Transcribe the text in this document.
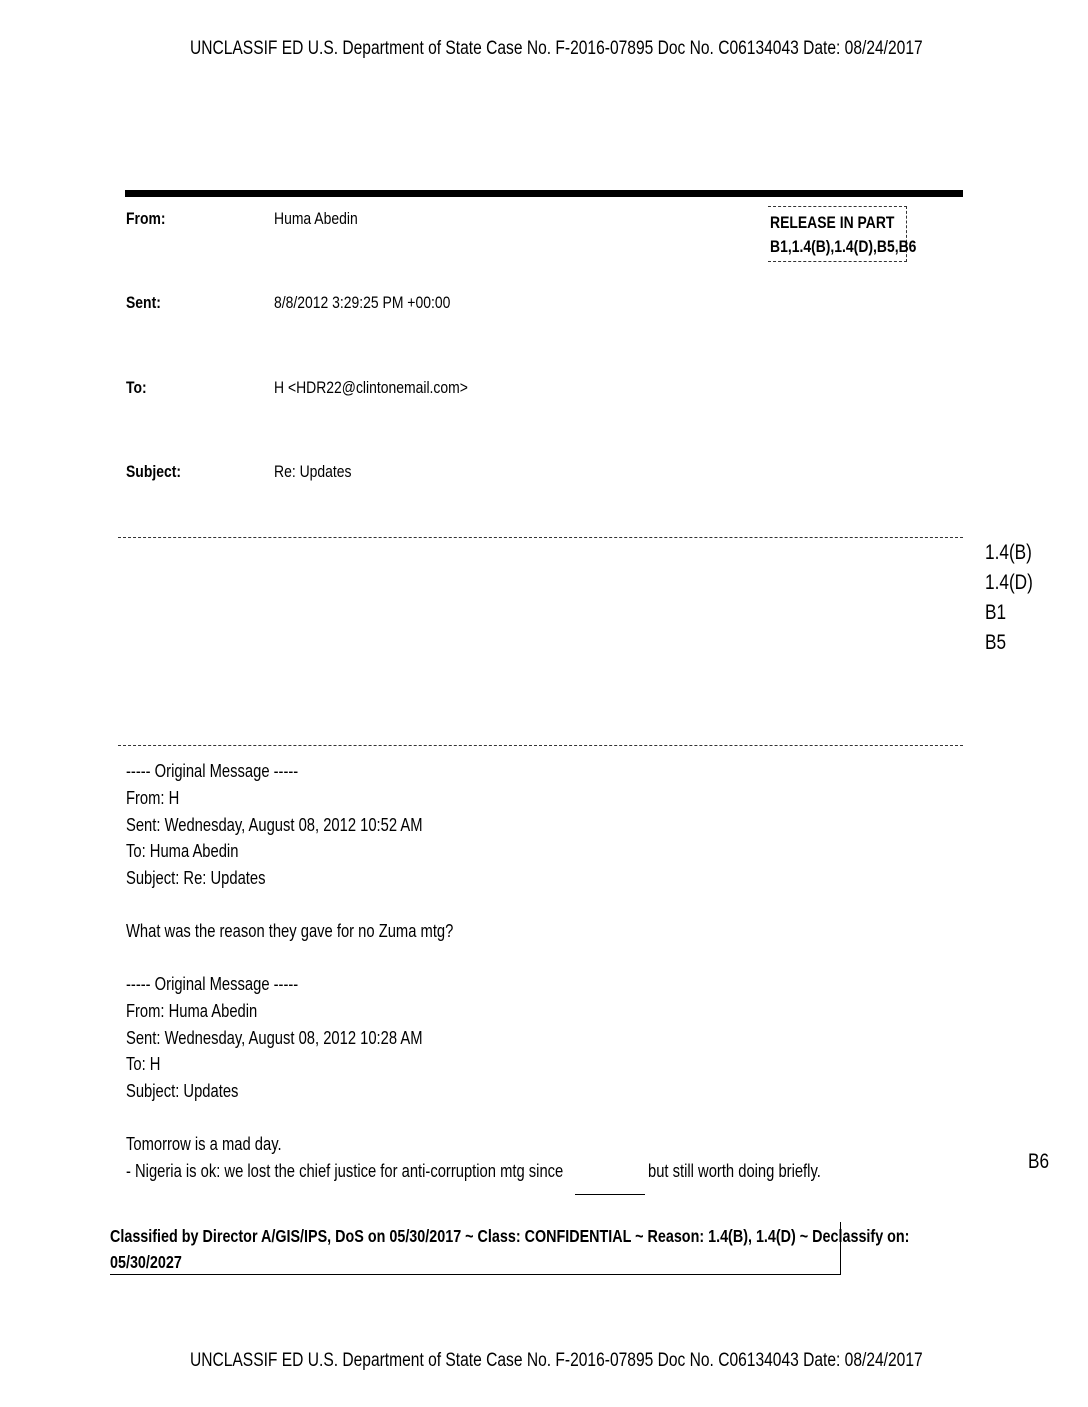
UNCLASSIF ED U.S. Department of State Case No. F-2016-07895 Doc No. C06134043 Date: 08/24/2017
RELEASE IN PART
B1,1.4(B),1.4(D),B5,B6
From:	Huma Abedin
Sent:	8/8/2012 3:29:25 PM +00:00
To:	H <HDR22@clintonemail.com>
Subject:	Re: Updates
1.4(B)
1.4(D)
B1
B5
----- Original Message -----
From: H
Sent: Wednesday, August 08, 2012 10:52 AM
To: Huma Abedin
Subject: Re: Updates
What was the reason they gave for no Zuma mtg?
----- Original Message -----
From: Huma Abedin
Sent: Wednesday, August 08, 2012 10:28 AM
To: H
Subject: Updates
Tomorrow is a mad day.
- Nigeria is ok: we lost the chief justice for anti-corruption mtg since	but still worth doing briefly.	B6
Classified by Director A/GIS/IPS, DoS on 05/30/2017 ~ Class: CONFIDENTIAL ~ Reason: 1.4(B), 1.4(D) ~ Declassify on:
05/30/2027
UNCLASSIF ED U.S. Department of State Case No. F-2016-07895 Doc No. C06134043 Date: 08/24/2017
